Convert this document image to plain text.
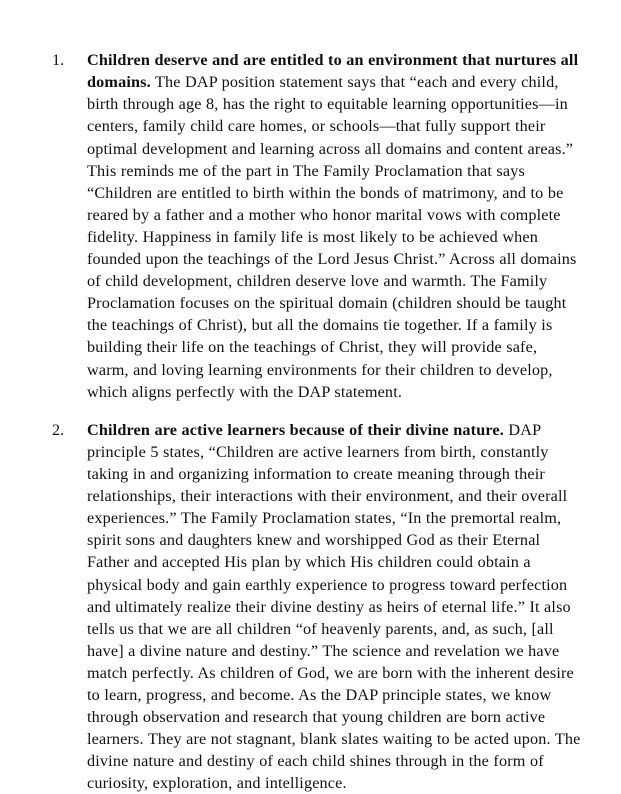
1.	Children deserve and are entitled to an environment that nurtures all domains. The DAP position statement says that “each and every child, birth through age 8, has the right to equitable learning opportunities—in centers, family child care homes, or schools—that fully support their optimal development and learning across all domains and content areas.” This reminds me of the part in The Family Proclamation that says “Children are entitled to birth within the bonds of matrimony, and to be reared by a father and a mother who honor marital vows with complete fidelity. Happiness in family life is most likely to be achieved when founded upon the teachings of the Lord Jesus Christ.” Across all domains of child development, children deserve love and warmth. The Family Proclamation focuses on the spiritual domain (children should be taught the teachings of Christ), but all the domains tie together. If a family is building their life on the teachings of Christ, they will provide safe, warm, and loving learning environments for their children to develop, which aligns perfectly with the DAP statement.

2.	Children are active learners because of their divine nature. DAP principle 5 states, “Children are active learners from birth, constantly taking in and organizing information to create meaning through their relationships, their interactions with their environment, and their overall experiences.” The Family Proclamation states, “In the premortal realm, spirit sons and daughters knew and worshipped God as their Eternal Father and accepted His plan by which His children could obtain a physical body and gain earthly experience to progress toward perfection and ultimately realize their divine destiny as heirs of eternal life.” It also tells us that we are all children “of heavenly parents, and, as such, [all have] a divine nature and destiny.” The science and revelation we have match perfectly. As children of God, we are born with the inherent desire to learn, progress, and become. As the DAP principle states, we know through observation and research that young children are born active learners. They are not stagnant, blank slates waiting to be acted upon. The divine nature and destiny of each child shines through in the form of curiosity, exploration, and intelligence.
